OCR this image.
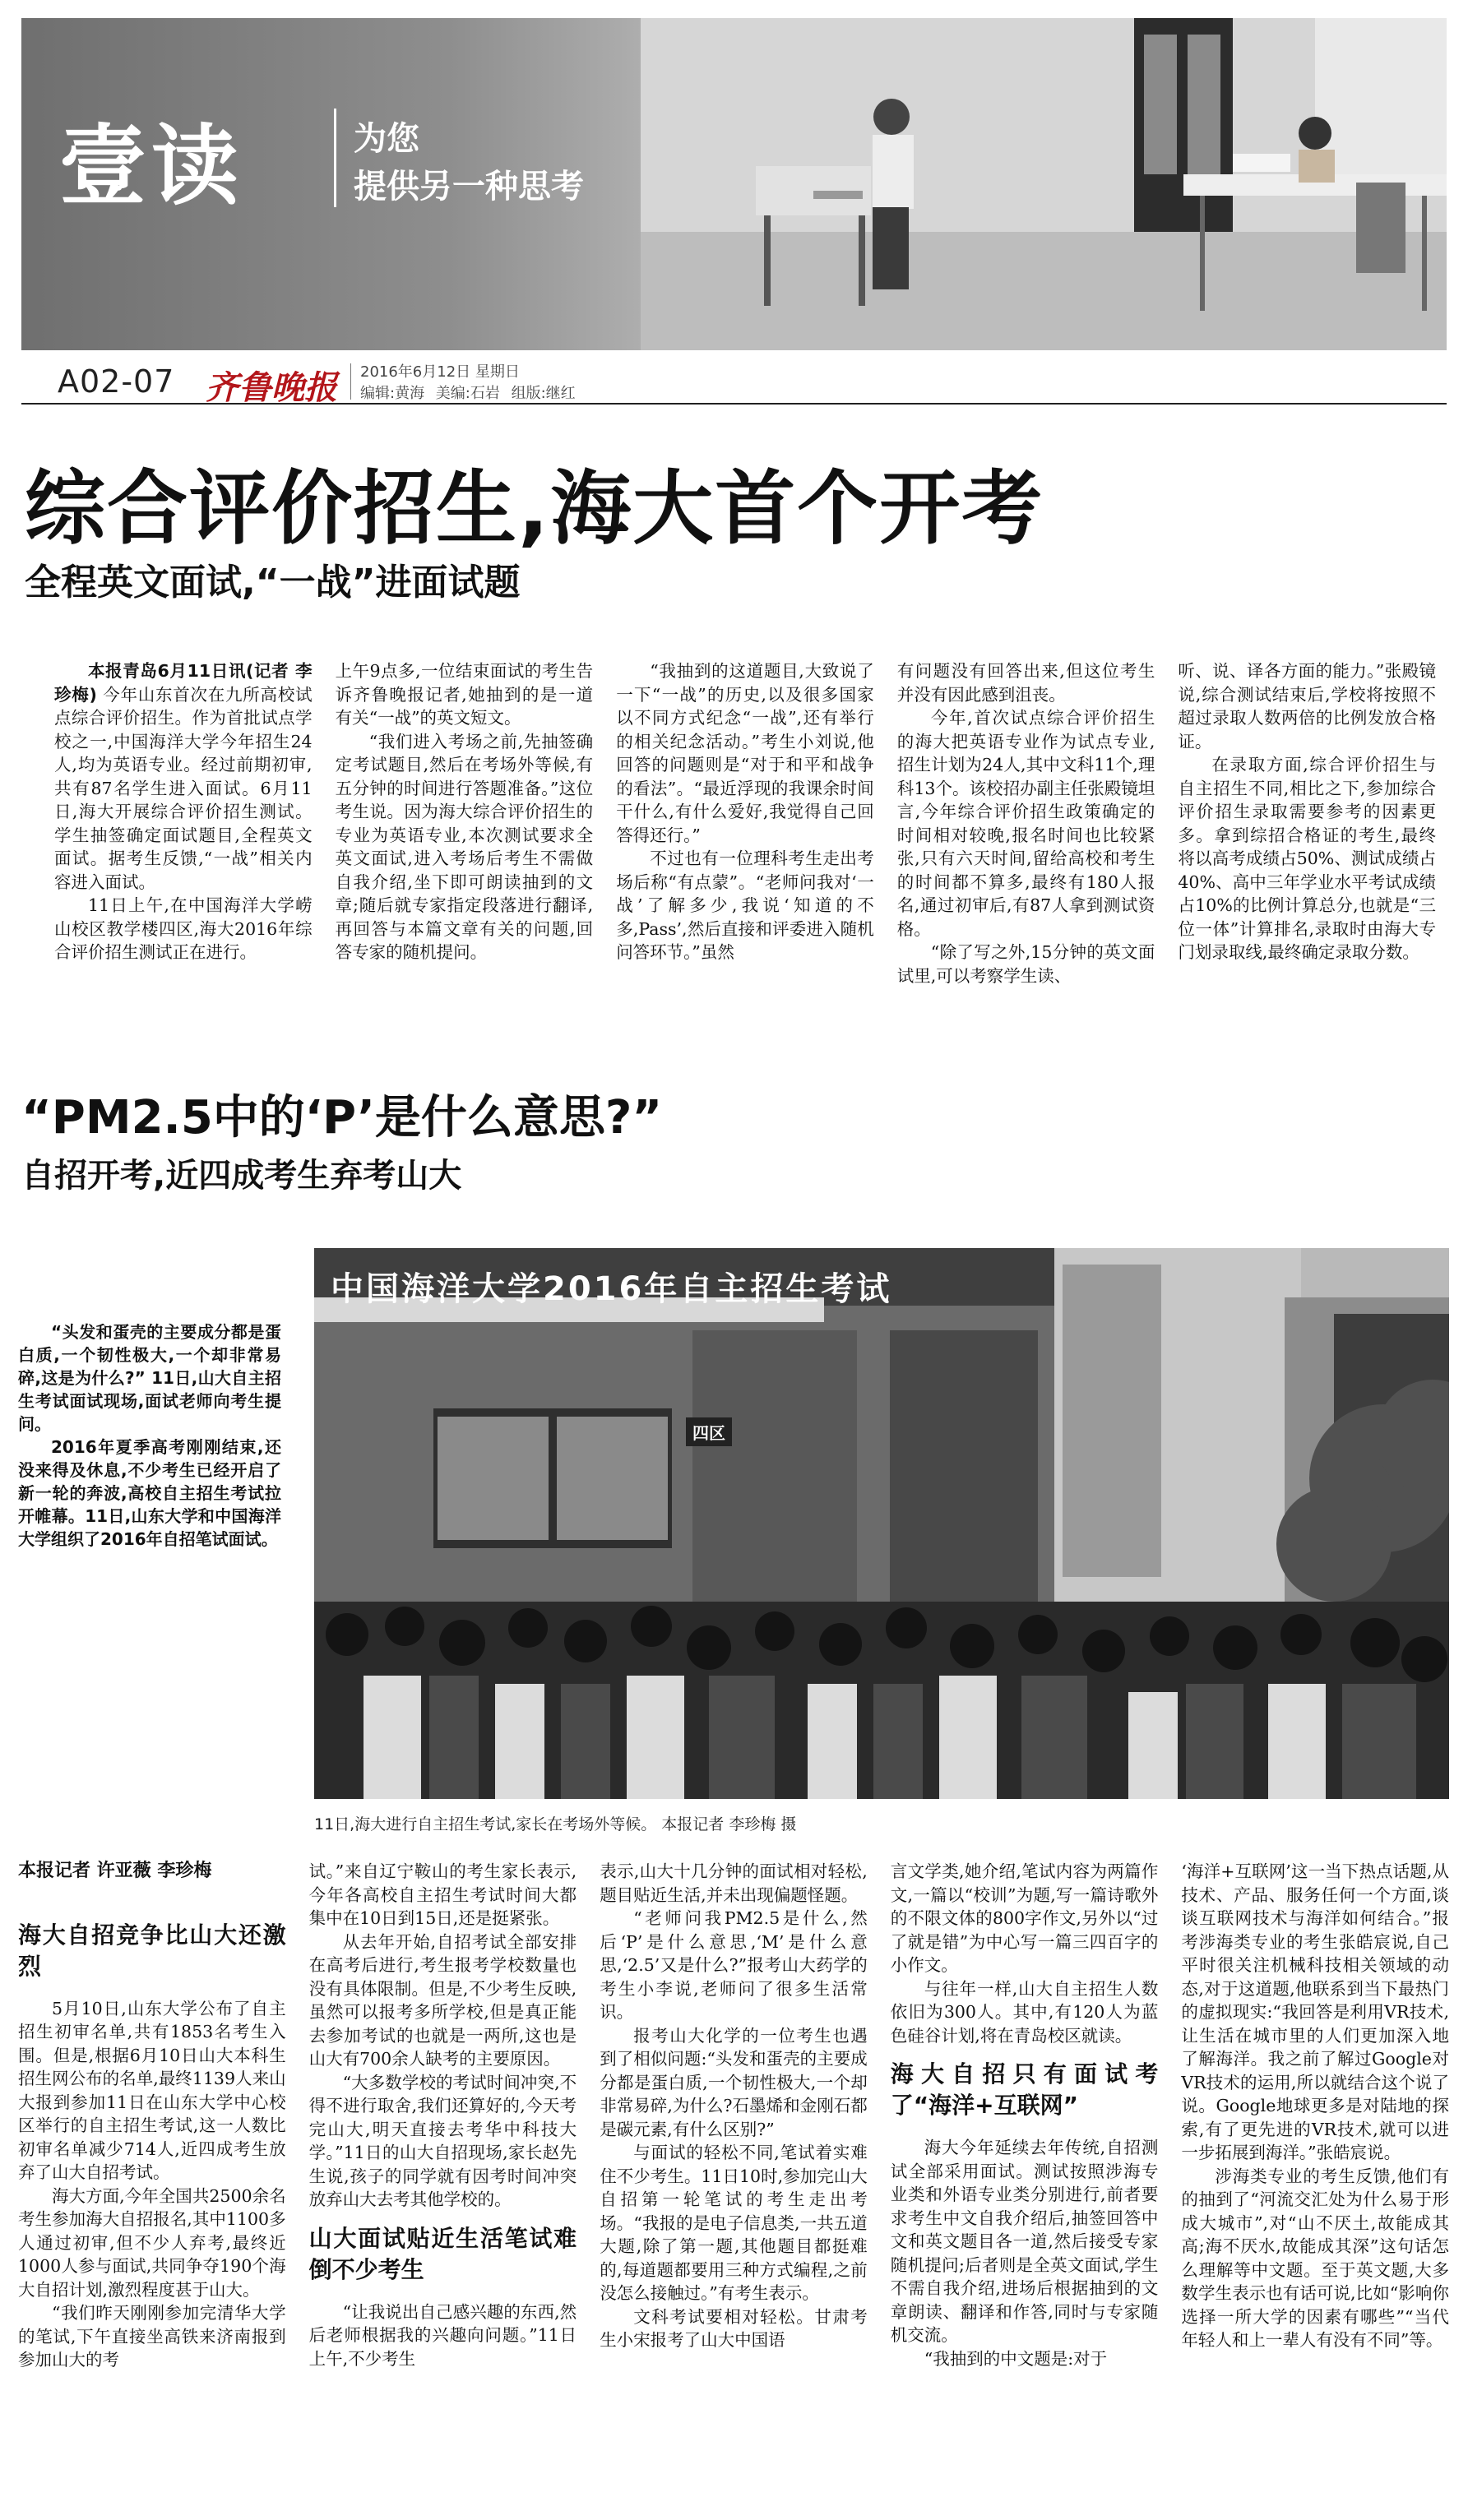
壹读	为您
提供另一种思考
A02-07 齐鲁晚报 2016年6月12日 星期日
编辑:黄海 美编:石岩 组版:继红
综合评价招生,海大首个开考
全程英文面试,“一战”进面试题

本报青岛6月11日讯(记者 李珍梅) 今年山东首次在九所高校试点综合评价招生。作为首批试点学校之一,中国海洋大学今年招生24人,均为英语专业。经过前期初审,共有87名学生进入面试。6月11日,海大开展综合评价招生测试。学生抽签确定面试题目,全程英文面试。据考生反馈,“一战”相关内容进入面试。

11日上午,在中国海洋大学崂山校区教学楼四区,海大2016年综合评价招生测试正在进行。

上午9点多,一位结束面试的考生告诉齐鲁晚报记者,她抽到的是一道有关“一战”的英文短文。

“我们进入考场之前,先抽签确定考试题目,然后在考场外等候,有五分钟的时间进行答题准备。”这位考生说。因为海大综合评价招生的专业为英语专业,本次测试要求全英文面试,进入考场后考生不需做自我介绍,坐下即可朗读抽到的文章;随后就专家指定段落进行翻译,再回答与本篇文章有关的问题,回答专家的随机提问。

“我抽到的这道题目,大致说了一下“一战”的历史,以及很多国家以不同方式纪念“一战”,还有举行的相关纪念活动。”考生小刘说,他回答的问题则是“对于和平和战争的看法”。“最近浮现的我课余时间干什么,有什么爱好,我觉得自己回答得还行。”

不过也有一位理科考生走出考场后称“有点蒙”。“老师问我对‘一战’了解多少,我说‘知道的不多,Pass’,然后直接和评委进入随机问答环节。”虽然

有问题没有回答出来,但这位考生并没有因此感到沮丧。

今年,首次试点综合评价招生的海大把英语专业作为试点专业,招生计划为24人,其中文科11个,理科13个。该校招办副主任张殿镜坦言,今年综合评价招生政策确定的时间相对较晚,报名时间也比较紧张,只有六天时间,留给高校和考生的时间都不算多,最终有180人报名,通过初审后,有87人拿到测试资格。

“除了写之外,15分钟的英文面试里,可以考察学生读、

听、说、译各方面的能力。”张殿镜说,综合测试结束后,学校将按照不超过录取人数两倍的比例发放合格证。

在录取方面,综合评价招生与自主招生不同,相比之下,参加综合评价招生录取需要参考的因素更多。拿到综招合格证的考生,最终将以高考成绩占50%、测试成绩占40%、高中三年学业水平考试成绩占10%的比例计算总分,也就是“三位一体”计算排名,录取时由海大专门划录取线,最终确定录取分数。

“PM2.5中的‘P’是什么意思?”
自招开考,近四成考生弃考山大

“头发和蛋壳的主要成分都是蛋白质,一个韧性极大,一个却非常易碎,这是为什么?” 11日,山大自主招生考试面试现场,面试老师向考生提问。

2016年夏季高考刚刚结束,还没来得及休息,不少考生已经开启了新一轮的奔波,高校自主招生考试拉开帷幕。11日,山东大学和中国海洋大学组织了2016年自招笔试面试。

中国海洋大学2016年自主招生考试
四区
11日,海大进行自主招生考试,家长在考场外等候。 本报记者 李珍梅 摄
本报记者 许亚薇 李珍梅
海大自招竞争比山大还激烈

5月10日,山东大学公布了自主招生初审名单,共有1853名考生入围。但是,根据6月10日山大本科生招生网公布的名单,最终1139人来山大报到参加11日在山东大学中心校区举行的自主招生考试,这一人数比初审名单减少714人,近四成考生放弃了山大自招考试。

海大方面,今年全国共2500余名考生参加海大自招报名,其中1100多人通过初审,但不少人弃考,最终近1000人参与面试,共同争夺190个海大自招计划,激烈程度甚于山大。

“我们昨天刚刚参加完清华大学的笔试,下午直接坐高铁来济南报到参加山大的考

试。”来自辽宁鞍山的考生家长表示,今年各高校自主招生考试时间大都集中在10日到15日,还是挺紧张。

从去年开始,自招考试全部安排在高考后进行,考生报考学校数量也没有具体限制。但是,不少考生反映,虽然可以报考多所学校,但是真正能去参加考试的也就是一两所,这也是山大有700余人缺考的主要原因。

“大多数学校的考试时间冲突,不得不进行取舍,我们还算好的,今天考完山大,明天直接去考华中科技大学。”11日的山大自招现场,家长赵先生说,孩子的同学就有因考时间冲突放弃山大去考其他学校的。

山大面试贴近生活笔试难倒不少考生

“让我说出自己感兴趣的东西,然后老师根据我的兴趣向问题。”11日上午,不少考生

表示,山大十几分钟的面试相对轻松,题目贴近生活,并未出现偏题怪题。

“老师问我PM2.5是什么,然后‘P’是什么意思,‘M’是什么意思,‘2.5’又是什么?”报考山大药学的考生小李说,老师问了很多生活常识。

报考山大化学的一位考生也遇到了相似问题:“头发和蛋壳的主要成分都是蛋白质,一个韧性极大,一个却非常易碎,为什么?石墨烯和金刚石都是碳元素,有什么区别?”

与面试的轻松不同,笔试着实难住不少考生。11日10时,参加完山大自招第一轮笔试的考生走出考场。“我报的是电子信息类,一共五道大题,除了第一题,其他题目都挺难的,每道题都要用三种方式编程,之前没怎么接触过。”有考生表示。

文科考试要相对轻松。甘肃考生小宋报考了山大中国语

言文学类,她介绍,笔试内容为两篇作文,一篇以“校训”为题,写一篇诗歌外的不限文体的800字作文,另外以“过了就是错”为中心写一篇三四百字的小作文。

与往年一样,山大自主招生人数依旧为300人。其中,有120人为蓝色硅谷计划,将在青岛校区就读。

海大自招只有面试考了“海洋+互联网”

海大今年延续去年传统,自招测试全部采用面试。测试按照涉海专业类和外语专业类分别进行,前者要求考生中文自我介绍后,抽签回答中文和英文题目各一道,然后接受专家随机提问;后者则是全英文面试,学生不需自我介绍,进场后根据抽到的文章朗读、翻译和作答,同时与专家随机交流。

“我抽到的中文题是:对于

‘海洋+互联网’这一当下热点话题,从技术、产品、服务任何一个方面,谈谈互联网技术与海洋如何结合。”报考涉海类专业的考生张皓宸说,自己平时很关注机械科技相关领域的动态,对于这道题,他联系到当下最热门的虚拟现实:“我回答是利用VR技术,让生活在城市里的人们更加深入地了解海洋。我之前了解过Google对VR技术的运用,所以就结合这个说了说。Google地球更多是对陆地的探索,有了更先进的VR技术,就可以进一步拓展到海洋。”张皓宸说。

涉海类专业的考生反馈,他们有的抽到了“河流交汇处为什么易于形成大城市”,对“山不厌土,故能成其高;海不厌水,故能成其深”这句话怎么理解等中文题。至于英文题,大多数学生表示也有话可说,比如“影响你选择一所大学的因素有哪些”“当代年轻人和上一辈人有没有不同”等。
